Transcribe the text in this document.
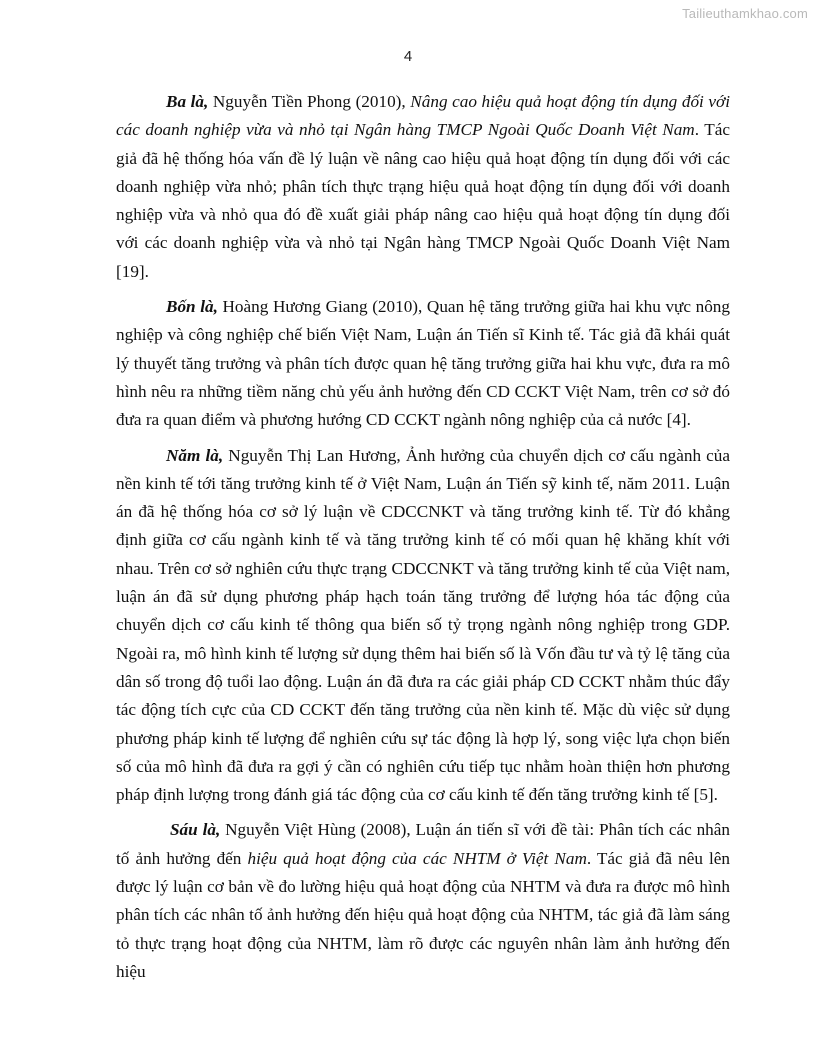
Tailieuthamkhao.com
4

Ba là, Nguyễn Tiền Phong (2010), Nâng cao hiệu quả hoạt động tín dụng đối với các doanh nghiệp vừa và nhỏ tại Ngân hàng TMCP Ngoài Quốc Doanh Việt Nam. Tác giả đã hệ thống hóa vấn đề lý luận về nâng cao hiệu quả hoạt động tín dụng đối với các doanh nghiệp vừa nhỏ; phân tích thực trạng hiệu quả hoạt động tín dụng đối với doanh nghiệp vừa và nhỏ qua đó đề xuất giải pháp nâng cao hiệu quả hoạt động tín dụng đối với các doanh nghiệp vừa và nhỏ tại Ngân hàng TMCP Ngoài Quốc Doanh Việt Nam [19].

Bốn là, Hoàng Hương Giang (2010), Quan hệ tăng trưởng giữa hai khu vực nông nghiệp và công nghiệp chế biến Việt Nam, Luận án Tiến sĩ Kinh tế. Tác giả đã khái quát lý thuyết tăng trưởng và phân tích được quan hệ tăng trưởng giữa hai khu vực, đưa ra mô hình nêu ra những tiềm năng chủ yếu ảnh hưởng đến CD CCKT Việt Nam, trên cơ sở đó đưa ra quan điểm và phương hướng CD CCKT ngành nông nghiệp của cả nước [4].

Năm là, Nguyễn Thị Lan Hương, Ảnh hưởng của chuyển dịch cơ cấu ngành của nền kinh tế tới tăng trưởng kinh tế ở Việt Nam, Luận án Tiến sỹ kinh tế, năm 2011. Luận án đã hệ thống hóa cơ sở lý luận về CDCCNKT và tăng trưởng kinh tế. Từ đó khẳng định giữa cơ cấu ngành kinh tế và tăng trưởng kinh tế có mối quan hệ khăng khít với nhau. Trên cơ sở nghiên cứu thực trạng CDCCNKT và tăng trưởng kinh tế của Việt nam, luận án đã sử dụng phương pháp hạch toán tăng trưởng để lượng hóa tác động của chuyển dịch cơ cấu kinh tế thông qua biến số tỷ trọng ngành nông nghiệp trong GDP. Ngoài ra, mô hình kinh tế lượng sử dụng thêm hai biến số là Vốn đầu tư và tỷ lệ tăng của dân số trong độ tuổi lao động. Luận án đã đưa ra các giải pháp CD CCKT nhằm thúc đẩy tác động tích cực của CD CCKT đến tăng trưởng của nền kinh tế. Mặc dù việc sử dụng phương pháp kinh tế lượng để nghiên cứu sự tác động là hợp lý, song việc lựa chọn biến số của mô hình đã đưa ra gợi ý cần có nghiên cứu tiếp tục nhằm hoàn thiện hơn phương pháp định lượng trong đánh giá tác động của cơ cấu kinh tế đến tăng trưởng kinh tế [5].

Sáu là, Nguyễn Việt Hùng (2008), Luận án tiến sĩ với đề tài: Phân tích các nhân tố ảnh hưởng đến hiệu quả hoạt động của các NHTM ở Việt Nam. Tác giả đã nêu lên được lý luận cơ bản về đo lường hiệu quả hoạt động của NHTM và đưa ra được mô hình phân tích các nhân tố ảnh hưởng đến hiệu quả hoạt động của NHTM, tác giả đã làm sáng tỏ thực trạng hoạt động của NHTM, làm rõ được các nguyên nhân làm ảnh hưởng đến hiệu
